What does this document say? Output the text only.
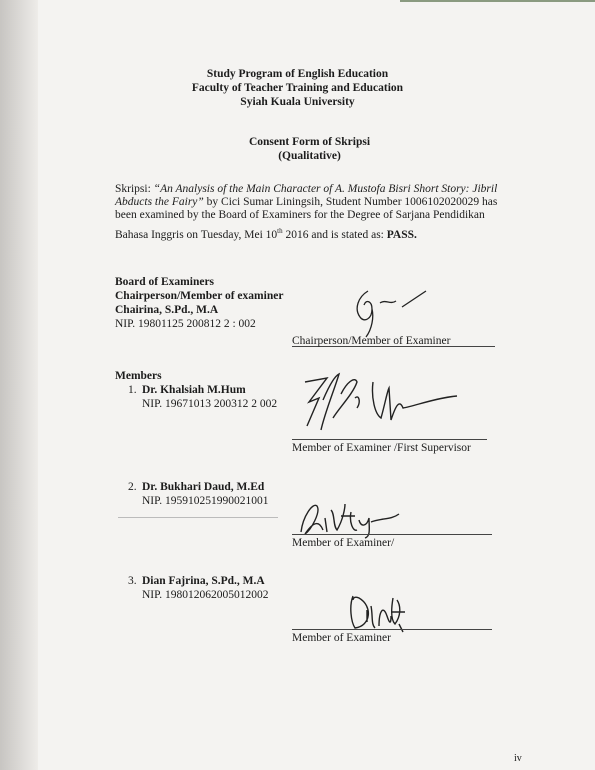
Study Program of English Education
Faculty of Teacher Training and Education
Syiah Kuala University
Consent Form of Skripsi
(Qualitative)
Skripsi: “An Analysis of the Main Character of A. Mustofa Bisri Short Story: Jibril
Abducts the Fairy” by Cici Sumar Liningsih, Student Number 1006102020029 has
been examined by the Board of Examiners for the Degree of Sarjana Pendidikan
Bahasa Inggris on Tuesday, Mei 10th 2016 and is stated as: PASS.
Board of Examiners
Chairperson/Member of examiner
Chairina, S.Pd., M.A
NIP. 19801125 200812 2 : 002
Chairperson/Member of Examiner
Members
1. Dr. Khalsiah M.Hum
NIP. 19671013 200312 2 002
Member of Examiner /First Supervisor
2. Dr. Bukhari Daud, M.Ed
NIP. 195910251990021001
Member of Examiner/
3. Dian Fajrina, S.Pd., M.A
NIP. 198012062005012002
Member of Examiner
iv
